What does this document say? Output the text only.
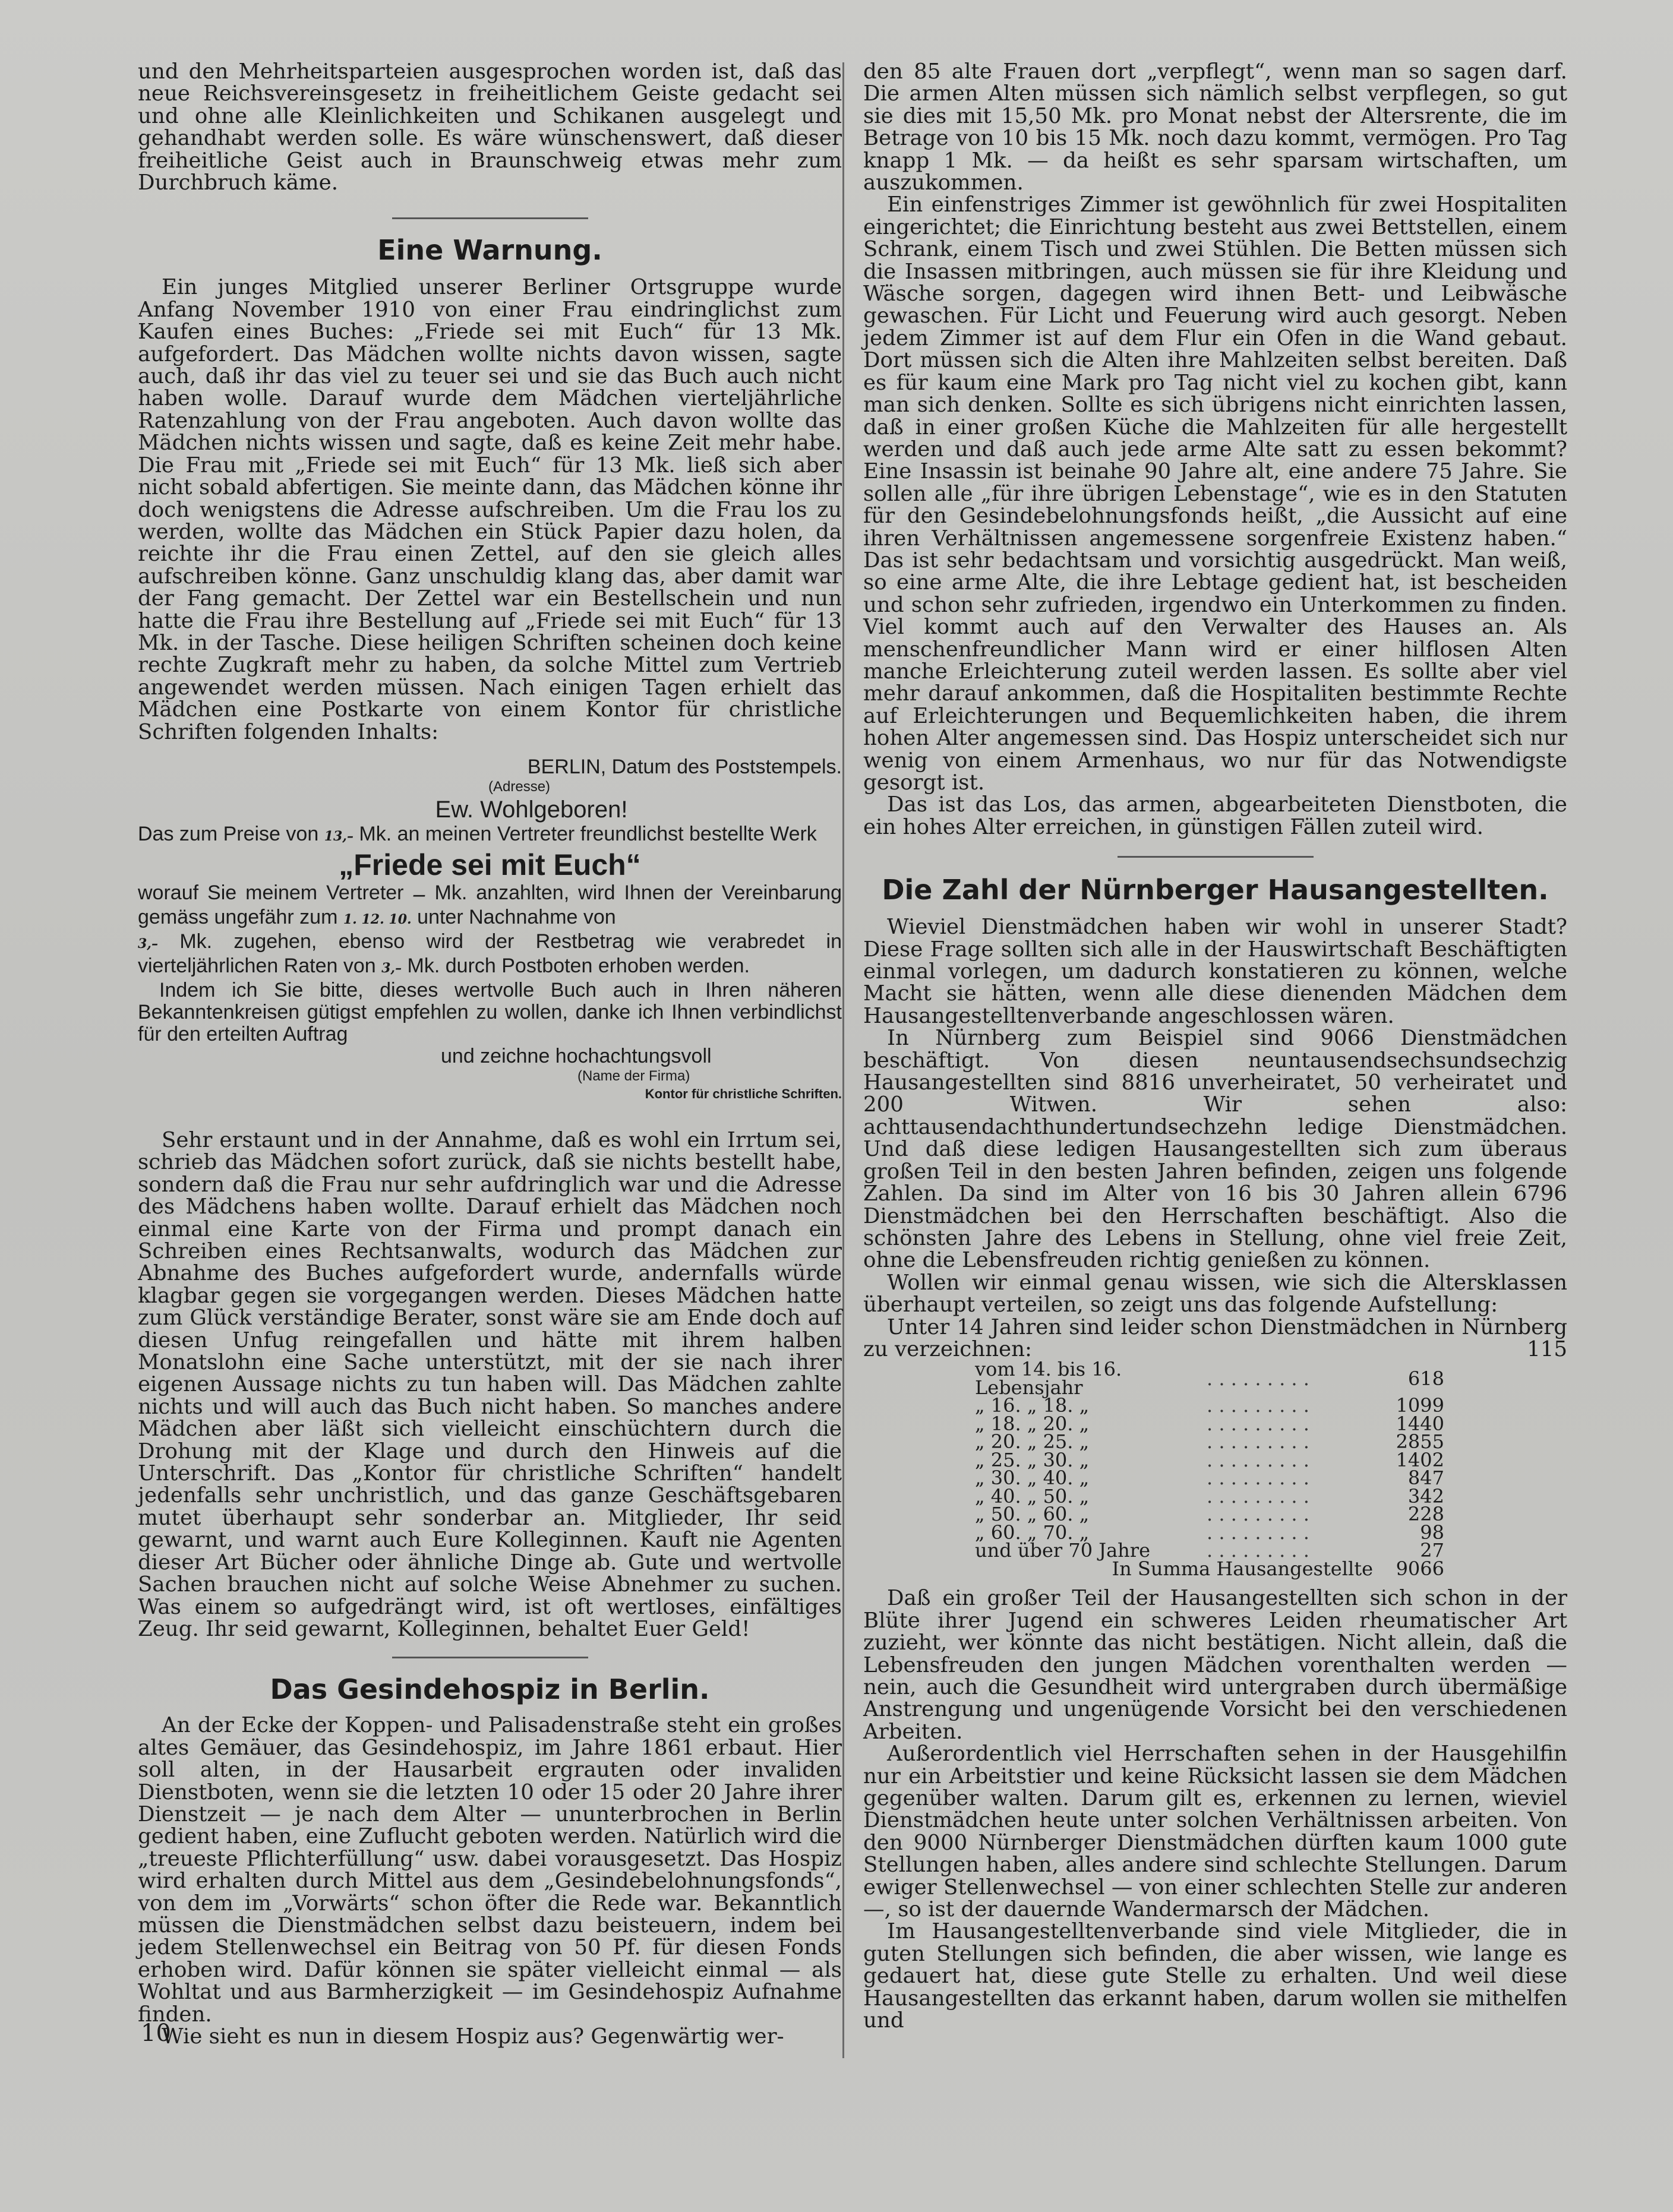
und den Mehrheitsparteien ausgesprochen worden ist, daß das neue Reichsvereinsgesetz in freiheitlichem Geiste gedacht sei und ohne alle Kleinlichkeiten und Schikanen ausgelegt und gehandhabt werden solle. Es wäre wünschenswert, daß dieser freiheitliche Geist auch in Braunschweig etwas mehr zum Durchbruch käme.

Eine Warnung.

Ein junges Mitglied unserer Berliner Ortsgruppe wurde Anfang November 1910 von einer Frau eindringlichst zum Kaufen eines Buches: „Friede sei mit Euch“ für 13 Mk. aufgefordert. Das Mädchen wollte nichts davon wissen, sagte auch, daß ihr das viel zu teuer sei und sie das Buch auch nicht haben wolle. Darauf wurde dem Mädchen vierteljährliche Ratenzahlung von der Frau angeboten. Auch davon wollte das Mädchen nichts wissen und sagte, daß es keine Zeit mehr habe. Die Frau mit „Friede sei mit Euch“ für 13 Mk. ließ sich aber nicht sobald abfertigen. Sie meinte dann, das Mädchen könne ihr doch wenigstens die Adresse aufschreiben. Um die Frau los zu werden, wollte das Mädchen ein Stück Papier dazu holen, da reichte ihr die Frau einen Zettel, auf den sie gleich alles aufschreiben könne. Ganz unschuldig klang das, aber damit war der Fang gemacht. Der Zettel war ein Bestellschein und nun hatte die Frau ihre Bestellung auf „Friede sei mit Euch“ für 13 Mk. in der Tasche. Diese heiligen Schriften scheinen doch keine rechte Zugkraft mehr zu haben, da solche Mittel zum Vertrieb angewendet werden müssen. Nach einigen Tagen erhielt das Mädchen eine Postkarte von einem Kontor für christliche Schriften folgenden Inhalts:

BERLIN, Datum des Poststempels.

(Adresse)

Ew. Wohlgeboren!

Das zum Preise von 13,– Mk. an meinen Vertreter freundlichst bestellte Werk

„Friede sei mit Euch“

worauf Sie meinem Vertreter — Mk. anzahlten, wird Ihnen der Vereinbarung gemäss ungefähr zum 1. 12. 10. unter Nachnahme von

3,– Mk. zugehen, ebenso wird der Restbetrag wie verabredet in vierteljährlichen Raten von 3,– Mk. durch Postboten erhoben werden.

Indem ich Sie bitte, dieses wertvolle Buch auch in Ihren näheren Bekanntenkreisen gütigst empfehlen zu wollen, danke ich Ihnen verbindlichst für den erteilten Auftrag

und zeichne hochachtungsvoll

(Name der Firma)

Kontor für christliche Schriften.

Sehr erstaunt und in der Annahme, daß es wohl ein Irrtum sei, schrieb das Mädchen sofort zurück, daß sie nichts bestellt habe, sondern daß die Frau nur sehr aufdringlich war und die Adresse des Mädchens haben wollte. Darauf erhielt das Mädchen noch einmal eine Karte von der Firma und prompt danach ein Schreiben eines Rechtsanwalts, wodurch das Mädchen zur Abnahme des Buches aufgefordert wurde, andernfalls würde klagbar gegen sie vorgegangen werden. Dieses Mädchen hatte zum Glück verständige Berater, sonst wäre sie am Ende doch auf diesen Unfug reingefallen und hätte mit ihrem halben Monatslohn eine Sache unterstützt, mit der sie nach ihrer eigenen Aussage nichts zu tun haben will. Das Mädchen zahlte nichts und will auch das Buch nicht haben. So manches andere Mädchen aber läßt sich vielleicht einschüchtern durch die Drohung mit der Klage und durch den Hinweis auf die Unterschrift. Das „Kontor für christliche Schriften“ handelt jedenfalls sehr unchristlich, und das ganze Geschäftsgebaren mutet überhaupt sehr sonderbar an. Mitglieder, Ihr seid gewarnt, und warnt auch Eure Kolleginnen. Kauft nie Agenten dieser Art Bücher oder ähnliche Dinge ab. Gute und wertvolle Sachen brauchen nicht auf solche Weise Abnehmer zu suchen. Was einem so aufgedrängt wird, ist oft wertloses, einfältiges Zeug. Ihr seid gewarnt, Kolleginnen, behaltet Euer Geld!

Das Gesindehospiz in Berlin.

An der Ecke der Koppen- und Palisadenstraße steht ein großes altes Gemäuer, das Gesindehospiz, im Jahre 1861 erbaut. Hier soll alten, in der Hausarbeit ergrauten oder invaliden Dienstboten, wenn sie die letzten 10 oder 15 oder 20 Jahre ihrer Dienstzeit — je nach dem Alter — ununterbrochen in Berlin gedient haben, eine Zuflucht geboten werden. Natürlich wird die „treueste Pflichterfüllung“ usw. dabei vorausgesetzt. Das Hospiz wird erhalten durch Mittel aus dem „Gesindebelohnungsfonds“, von dem im „Vorwärts“ schon öfter die Rede war. Bekanntlich müssen die Dienstmädchen selbst dazu beisteuern, indem bei jedem Stellenwechsel ein Beitrag von 50 Pf. für diesen Fonds erhoben wird. Dafür können sie später vielleicht einmal — als Wohltat und aus Barmherzigkeit — im Gesindehospiz Aufnahme finden.

Wie sieht es nun in diesem Hospiz aus? Gegenwärtig wer-

den 85 alte Frauen dort „verpflegt“, wenn man so sagen darf. Die armen Alten müssen sich nämlich selbst verpflegen, so gut sie dies mit 15,50 Mk. pro Monat nebst der Altersrente, die im Betrage von 10 bis 15 Mk. noch dazu kommt, vermögen. Pro Tag knapp 1 Mk. — da heißt es sehr sparsam wirtschaften, um auszukommen.

Ein einfenstriges Zimmer ist gewöhnlich für zwei Hospitaliten eingerichtet; die Einrichtung besteht aus zwei Bettstellen, einem Schrank, einem Tisch und zwei Stühlen. Die Betten müssen sich die Insassen mitbringen, auch müssen sie für ihre Kleidung und Wäsche sorgen, dagegen wird ihnen Bett- und Leibwäsche gewaschen. Für Licht und Feuerung wird auch gesorgt. Neben jedem Zimmer ist auf dem Flur ein Ofen in die Wand gebaut. Dort müssen sich die Alten ihre Mahlzeiten selbst bereiten. Daß es für kaum eine Mark pro Tag nicht viel zu kochen gibt, kann man sich denken. Sollte es sich übrigens nicht einrichten lassen, daß in einer großen Küche die Mahlzeiten für alle hergestellt werden und daß auch jede arme Alte satt zu essen bekommt? Eine Insassin ist beinahe 90 Jahre alt, eine andere 75 Jahre. Sie sollen alle „für ihre übrigen Lebenstage“, wie es in den Statuten für den Gesindebelohnungsfonds heißt, „die Aussicht auf eine ihren Verhältnissen angemessene sorgenfreie Existenz haben.“ Das ist sehr bedachtsam und vorsichtig ausgedrückt. Man weiß, so eine arme Alte, die ihre Lebtage gedient hat, ist bescheiden und schon sehr zufrieden, irgendwo ein Unterkommen zu finden. Viel kommt auch auf den Verwalter des Hauses an. Als menschenfreundlicher Mann wird er einer hilflosen Alten manche Erleichterung zuteil werden lassen. Es sollte aber viel mehr darauf ankommen, daß die Hospitaliten bestimmte Rechte auf Erleichterungen und Bequemlichkeiten haben, die ihrem hohen Alter angemessen sind. Das Hospiz unterscheidet sich nur wenig von einem Armenhaus, wo nur für das Notwendigste gesorgt ist.

Das ist das Los, das armen, abgearbeiteten Dienstboten, die ein hohes Alter erreichen, in günstigen Fällen zuteil wird.

Die Zahl der Nürnberger Hausangestellten.

Wieviel Dienstmädchen haben wir wohl in unserer Stadt? Diese Frage sollten sich alle in der Hauswirtschaft Beschäftigten einmal vorlegen, um dadurch konstatieren zu können, welche Macht sie hätten, wenn alle diese dienenden Mädchen dem Hausangestelltenverbande angeschlossen wären.

In Nürnberg zum Beispiel sind 9066 Dienstmädchen beschäftigt. Von diesen neuntausendsechsundsechzig Hausangestellten sind 8816 unverheiratet, 50 verheiratet und 200 Witwen. Wir sehen also: achttausendachthundertundsechzehn ledige Dienstmädchen. Und daß diese ledigen Hausangestellten sich zum überaus großen Teil in den besten Jahren befinden, zeigen uns folgende Zahlen. Da sind im Alter von 16 bis 30 Jahren allein 6796 Dienstmädchen bei den Herrschaften beschäftigt. Also die schönsten Jahre des Lebens in Stellung, ohne viel freie Zeit, ohne die Lebensfreuden richtig genießen zu können.

Wollen wir einmal genau wissen, wie sich die Altersklassen überhaupt verteilen, so zeigt uns das folgende Aufstellung:

Unter 14 Jahren sind leider schon Dienstmädchen in Nürnberg zu verzeichnen:	115

vom 14. bis 16. Lebensjahr	. . . . . . . . .	618
„ 16. „ 18. „	. . . . . . . . .	1099
„ 18. „ 20. „	. . . . . . . . .	1440
„ 20. „ 25. „	. . . . . . . . .	2855
„ 25. „ 30. „	. . . . . . . . .	1402
„ 30. „ 40. „	. . . . . . . . .	847
„ 40. „ 50. „	. . . . . . . . .	342
„ 50. „ 60. „	. . . . . . . . .	228
„ 60. „ 70. „	. . . . . . . . .	98
und über 70 Jahre	. . . . . . . . .	27
In Summa Hausangestellte		9066

Daß ein großer Teil der Hausangestellten sich schon in der Blüte ihrer Jugend ein schweres Leiden rheumatischer Art zuzieht, wer könnte das nicht bestätigen. Nicht allein, daß die Lebensfreuden den jungen Mädchen vorenthalten werden — nein, auch die Gesundheit wird untergraben durch übermäßige Anstrengung und ungenügende Vorsicht bei den verschiedenen Arbeiten.

Außerordentlich viel Herrschaften sehen in der Hausgehilfin nur ein Arbeitstier und keine Rücksicht lassen sie dem Mädchen gegenüber walten. Darum gilt es, erkennen zu lernen, wieviel Dienstmädchen heute unter solchen Verhältnissen arbeiten. Von den 9000 Nürnberger Dienstmädchen dürften kaum 1000 gute Stellungen haben, alles andere sind schlechte Stellungen. Darum ewiger Stellenwechsel — von einer schlechten Stelle zur anderen —, so ist der dauernde Wandermarsch der Mädchen.

Im Hausangestelltenverbande sind viele Mitglieder, die in guten Stellungen sich befinden, die aber wissen, wie lange es gedauert hat, diese gute Stelle zu erhalten. Und weil diese Hausangestellten das erkannt haben, darum wollen sie mithelfen und

10
